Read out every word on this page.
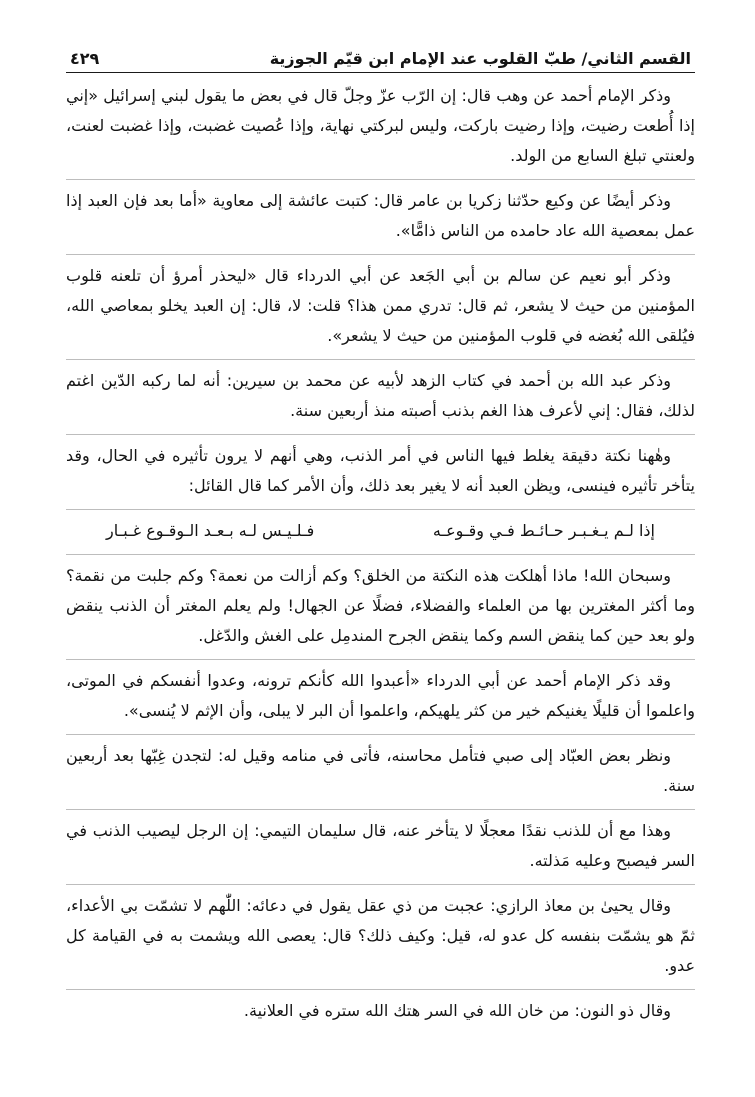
القسم الثاني/ طبّ القلوب عند الإمام ابن قيّم الجوزية
٤٢٩

وذكر الإمام أحمد عن وهب قال: إن الرّب عزّ وجلّ قال في بعض ما يقول لبني إسرائيل «إني إذا أُطعت رضيت، وإذا رضيت باركت، وليس لبركتي نهاية، وإذا عُصيت غضبت، وإذا غضبت لعنت، ولعنتي تبلغ السابع من الولد.

وذكر أيضًا عن وكيع حدّثنا زكريا بن عامر قال: كتبت عائشة إلى معاوية «أما بعد فإن العبد إذا عمل بمعصية الله عاد حامده من الناس ذامًّا».

وذكر أبو نعيم عن سالم بن أبي الجَعد عن أبي الدرداء قال «ليحذر أمرؤ أن تلعنه قلوب المؤمنين من حيث لا يشعر، ثم قال: تدري ممن هذا؟ قلت: لا، قال: إن العبد يخلو بمعاصي الله، فيُلقى الله بُغضه في قلوب المؤمنين من حيث لا يشعر».

وذكر عبد الله بن أحمد في كتاب الزهد لأبيه عن محمد بن سيرين: أنه لما ركبه الدّين اغتم لذلك، فقال: إني لأعرف هذا الغم بذنب أصبته منذ أربعين سنة.

وهٰهنا نكتة دقيقة يغلط فيها الناس في أمر الذنب، وهي أنهم لا يرون تأثيره في الحال، وقد يتأخر تأثيره فينسى، ويظن العبد أنه لا يغير بعد ذلك، وأن الأمر كما قال القائل:

إذا لـم يـغـبـر حـائـط فـي وقـوعـه
فـلـيـس لـه بـعـد الـوقـوع غـبـار

وسبحان الله! ماذا أهلكت هذه النكتة من الخلق؟ وكم أزالت من نعمة؟ وكم جلبت من نقمة؟ وما أكثر المغترين بها من العلماء والفضلاء، فضلًا عن الجهال! ولم يعلم المغتر أن الذنب ينقض ولو بعد حين كما ينقض السم وكما ينقض الجرح المندمِل على الغش والدّغل.

وقد ذكر الإمام أحمد عن أبي الدرداء «أعبدوا الله كأنكم ترونه، وعدوا أنفسكم في الموتى، واعلموا أن قليلًا يغنيكم خير من كثر يلهيكم، واعلموا أن البر لا يبلى، وأن الإثم لا يُنسى».

ونظر بعض العبّاد إلى صبي فتأمل محاسنه، فأتى في منامه وقيل له: لتجدن غِبّها بعد أربعين سنة.

وهذا مع أن للذنب نقدًا معجلًا لا يتأخر عنه، قال سليمان التيمي: إن الرجل ليصيب الذنب في السر فيصبح وعليه مَذلته.

وقال يحيىٰ بن معاذ الرازي: عجبت من ذي عقل يقول في دعائه: اللّٰهم لا تشمّت بي الأعداء، ثمّ هو يشمّت بنفسه كل عدو له، قيل: وكيف ذلك؟ قال: يعصى الله ويشمت به في القيامة كل عدو.

وقال ذو النون: من خان الله في السر هتك الله ستره في العلانية.
